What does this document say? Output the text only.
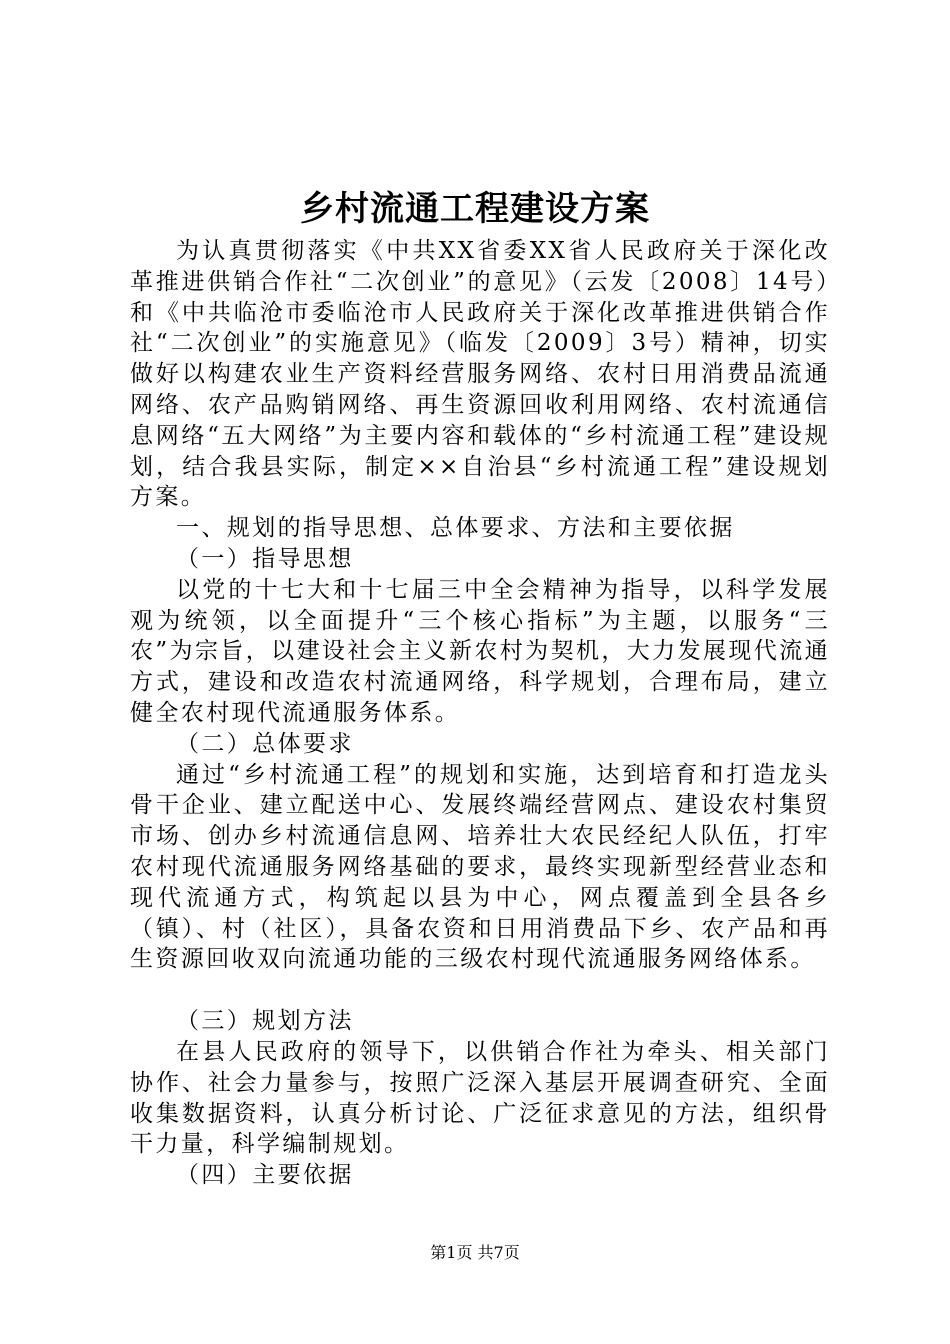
乡村流通工程建设方案

为认真贯彻落实《中共XX省委XX省人民政府关于深化改革推进供销合作社“二次创业”的意见》（云发〔2008〕14号）和《中共临沧市委临沧市人民政府关于深化改革推进供销合作社“二次创业”的实施意见》（临发〔2009〕3号）精神，切实做好以构建农业生产资料经营服务网络、农村日用消费品流通网络、农产品购销网络、再生资源回收利用网络、农村流通信息网络“五大网络”为主要内容和载体的“乡村流通工程”建设规划，结合我县实际，制定××自治县“乡村流通工程”建设规划方案。

一、规划的指导思想、总体要求、方法和主要依据

（一）指导思想

以党的十七大和十七届三中全会精神为指导，以科学发展观为统领，以全面提升“三个核心指标”为主题，以服务“三农”为宗旨，以建设社会主义新农村为契机，大力发展现代流通方式，建设和改造农村流通网络，科学规划，合理布局，建立健全农村现代流通服务体系。

（二）总体要求

通过“乡村流通工程”的规划和实施，达到培育和打造龙头骨干企业、建立配送中心、发展终端经营网点、建设农村集贸市场、创办乡村流通信息网、培养壮大农民经纪人队伍，打牢农村现代流通服务网络基础的要求，最终实现新型经营业态和现代流通方式，构筑起以县为中心，网点覆盖到全县各乡（镇）、村（社区），具备农资和日用消费品下乡、农产品和再生资源回收双向流通功能的三级农村现代流通服务网络体系。

（三）规划方法

在县人民政府的领导下，以供销合作社为牵头、相关部门协作、社会力量参与，按照广泛深入基层开展调查研究、全面收集数据资料，认真分析讨论、广泛征求意见的方法，组织骨干力量，科学编制规划。

（四）主要依据

第1页 共7页
